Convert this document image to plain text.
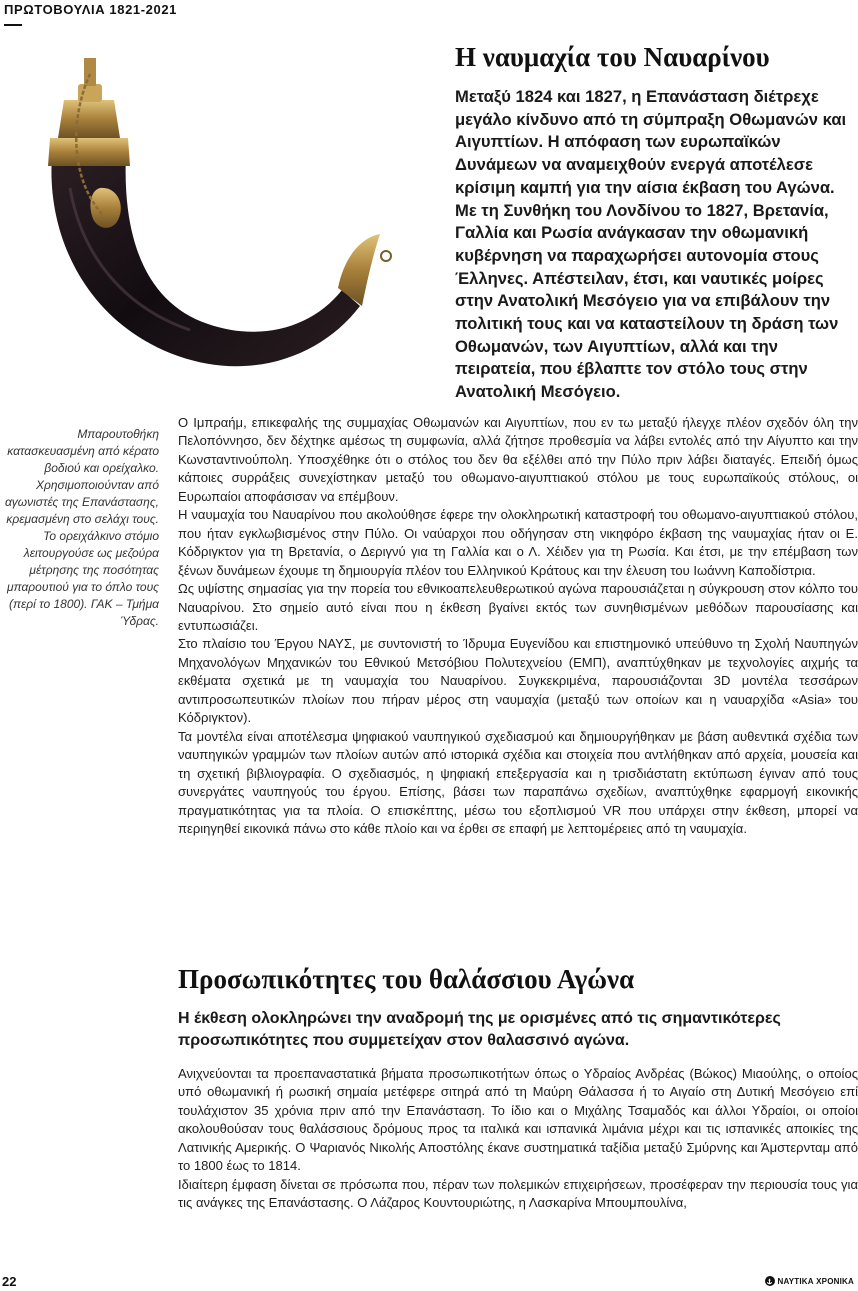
ΠΡΩΤΟΒΟΥΛΙΑ 1821-2021
Η ναυμαχία του Ναυαρίνου

Μεταξύ 1824 και 1827, η Επανάσταση διέτρεχε μεγάλο κίνδυνο από τη σύμπραξη Οθωμανών και Αιγυπτίων. Η απόφαση των ευρωπαϊκών Δυνάμεων να αναμειχθούν ενεργά αποτέλεσε κρίσιμη καμπή για την αίσια έκβαση του Αγώνα. Με τη Συνθήκη του Λονδίνου το 1827, Βρετανία, Γαλλία και Ρωσία ανάγκασαν την οθωμανική κυβέρνηση να παραχωρήσει αυτονομία στους Έλληνες. Απέστειλαν, έτσι, και ναυτικές μοίρες στην Ανατολική Μεσόγειο για να επιβάλουν την πολιτική τους και να καταστείλουν τη δράση των Οθωμανών, των Αιγυπτίων, αλλά και την πειρατεία, που έβλαπτε τον στόλο τους στην Ανατολική Μεσόγειο.

Μπαρουτοθήκη κατασκευασμένη από κέρατο βοδιού και ορείχαλκο. Χρησιμοποιούνταν από αγωνιστές της Επανάστασης, κρεμασμένη στο σελάχι τους. Το ορειχάλκινο στόμιο λειτουργούσε ως μεζούρα μέτρησης της ποσότητας μπαρουτιού για το όπλο τους (περί το 1800). ΓΑΚ – Τμήμα Ύδρας.

Ο Ιμπραήμ, επικεφαλής της συμμαχίας Οθωμανών και Αιγυπτίων, που εν τω μεταξύ ήλεγχε πλέον σχεδόν όλη την Πελοπόννησο, δεν δέχτηκε αμέσως τη συμφωνία, αλλά ζήτησε προθεσμία να λάβει εντολές από την Αίγυπτο και την Κωνσταντινούπολη. Υποσχέθηκε ότι ο στόλος του δεν θα εξέλθει από την Πύλο πριν λάβει διαταγές. Επειδή όμως κάποιες συρράξεις συνεχίστηκαν μεταξύ του οθωμανο-αιγυπτιακού στόλου με τους ευρωπαϊκούς στόλους, οι Ευρωπαίοι αποφάσισαν να επέμβουν.

Η ναυμαχία του Ναυαρίνου που ακολούθησε έφερε την ολοκληρωτική καταστροφή του οθωμανο-αιγυπτιακού στόλου, που ήταν εγκλωβισμένος στην Πύλο. Οι ναύαρχοι που οδήγησαν στη νικηφόρο έκβαση της ναυμαχίας ήταν οι Ε. Κόδριγκτον για τη Βρετανία, ο Δεριγνύ για τη Γαλλία και ο Λ. Χέιδεν για τη Ρωσία. Και έτσι, με την επέμβαση των ξένων δυνάμεων έχουμε τη δημιουργία πλέον του Ελληνικού Κράτους και την έλευση του Ιωάννη Καποδίστρια.

Ως υψίστης σημασίας για την πορεία του εθνικοαπελευθερωτικού αγώνα παρουσιάζεται η σύγκρουση στον κόλπο του Ναυαρίνου. Στο σημείο αυτό είναι που η έκθεση βγαίνει εκτός των συνηθισμένων μεθόδων παρουσίασης και εντυπωσιάζει.

Στο πλαίσιο του Έργου ΝΑΥΣ, με συντονιστή το Ίδρυμα Ευγενίδου και επιστημονικό υπεύθυνο τη Σχολή Ναυπηγών Μηχανολόγων Μηχανικών του Εθνικού Μετσόβιου Πολυτεχνείου (ΕΜΠ), αναπτύχθηκαν με τεχνολογίες αιχμής τα εκθέματα σχετικά με τη ναυμαχία του Ναυαρίνου. Συγκεκριμένα, παρουσιάζονται 3D μοντέλα τεσσάρων αντιπροσωπευτικών πλοίων που πήραν μέρος στη ναυμαχία (μεταξύ των οποίων και η ναυαρχίδα «Asia» του Κόδριγκτον).

Τα μοντέλα είναι αποτέλεσμα ψηφιακού ναυπηγικού σχεδιασμού και δημιουργήθηκαν με βάση αυθεντικά σχέδια των ναυπηγικών γραμμών των πλοίων αυτών από ιστορικά σχέδια και στοιχεία που αντλήθηκαν από αρχεία, μουσεία και τη σχετική βιβλιογραφία. Ο σχεδιασμός, η ψηφιακή επεξεργασία και η τρισδιάστατη εκτύπωση έγιναν από τους συνεργάτες ναυπηγούς του έργου. Επίσης, βάσει των παραπάνω σχεδίων, αναπτύχθηκε εφαρμογή εικονικής πραγματικότητας για τα πλοία. Ο επισκέπτης, μέσω του εξοπλισμού VR που υπάρχει στην έκθεση, μπορεί να περιηγηθεί εικονικά πάνω στο κάθε πλοίο και να έρθει σε επαφή με λεπτομέρειες από τη ναυμαχία.

Προσωπικότητες του θαλάσσιου Αγώνα

Η έκθεση ολοκληρώνει την αναδρομή της με ορισμένες από τις σημαντικότερες προσωπικότητες που συμμετείχαν στον θαλασσινό αγώνα.

Ανιχνεύονται τα προεπαναστατικά βήματα προσωπικοτήτων όπως ο Υδραίος Ανδρέας (Βώκος) Μιαούλης, ο οποίος υπό οθωμανική ή ρωσική σημαία μετέφερε σιτηρά από τη Μαύρη Θάλασσα ή το Αιγαίο στη Δυτική Μεσόγειο επί τουλάχιστον 35 χρόνια πριν από την Επανάσταση. Το ίδιο και ο Μιχάλης Τσαμαδός και άλλοι Υδραίοι, οι οποίοι ακολουθούσαν τους θαλάσσιους δρόμους προς τα ιταλικά και ισπανικά λιμάνια μέχρι και τις ισπανικές αποικίες της Λατινικής Αμερικής. Ο Ψαριανός Νικολής Αποστόλης έκανε συστηματικά ταξίδια μεταξύ Σμύρνης και Άμστερνταμ από το 1800 έως το 1814.

Ιδιαίτερη έμφαση δίνεται σε πρόσωπα που, πέραν των πολεμικών επιχειρήσεων, προσέφεραν την περιουσία τους για τις ανάγκες της Επανάστασης. Ο Λάζαρος Κουντουριώτης, η Λασκαρίνα Μπουμπουλίνα,

22	ΝΑΥΤΙΚΑ ΧΡΟΝΙΚΑ
